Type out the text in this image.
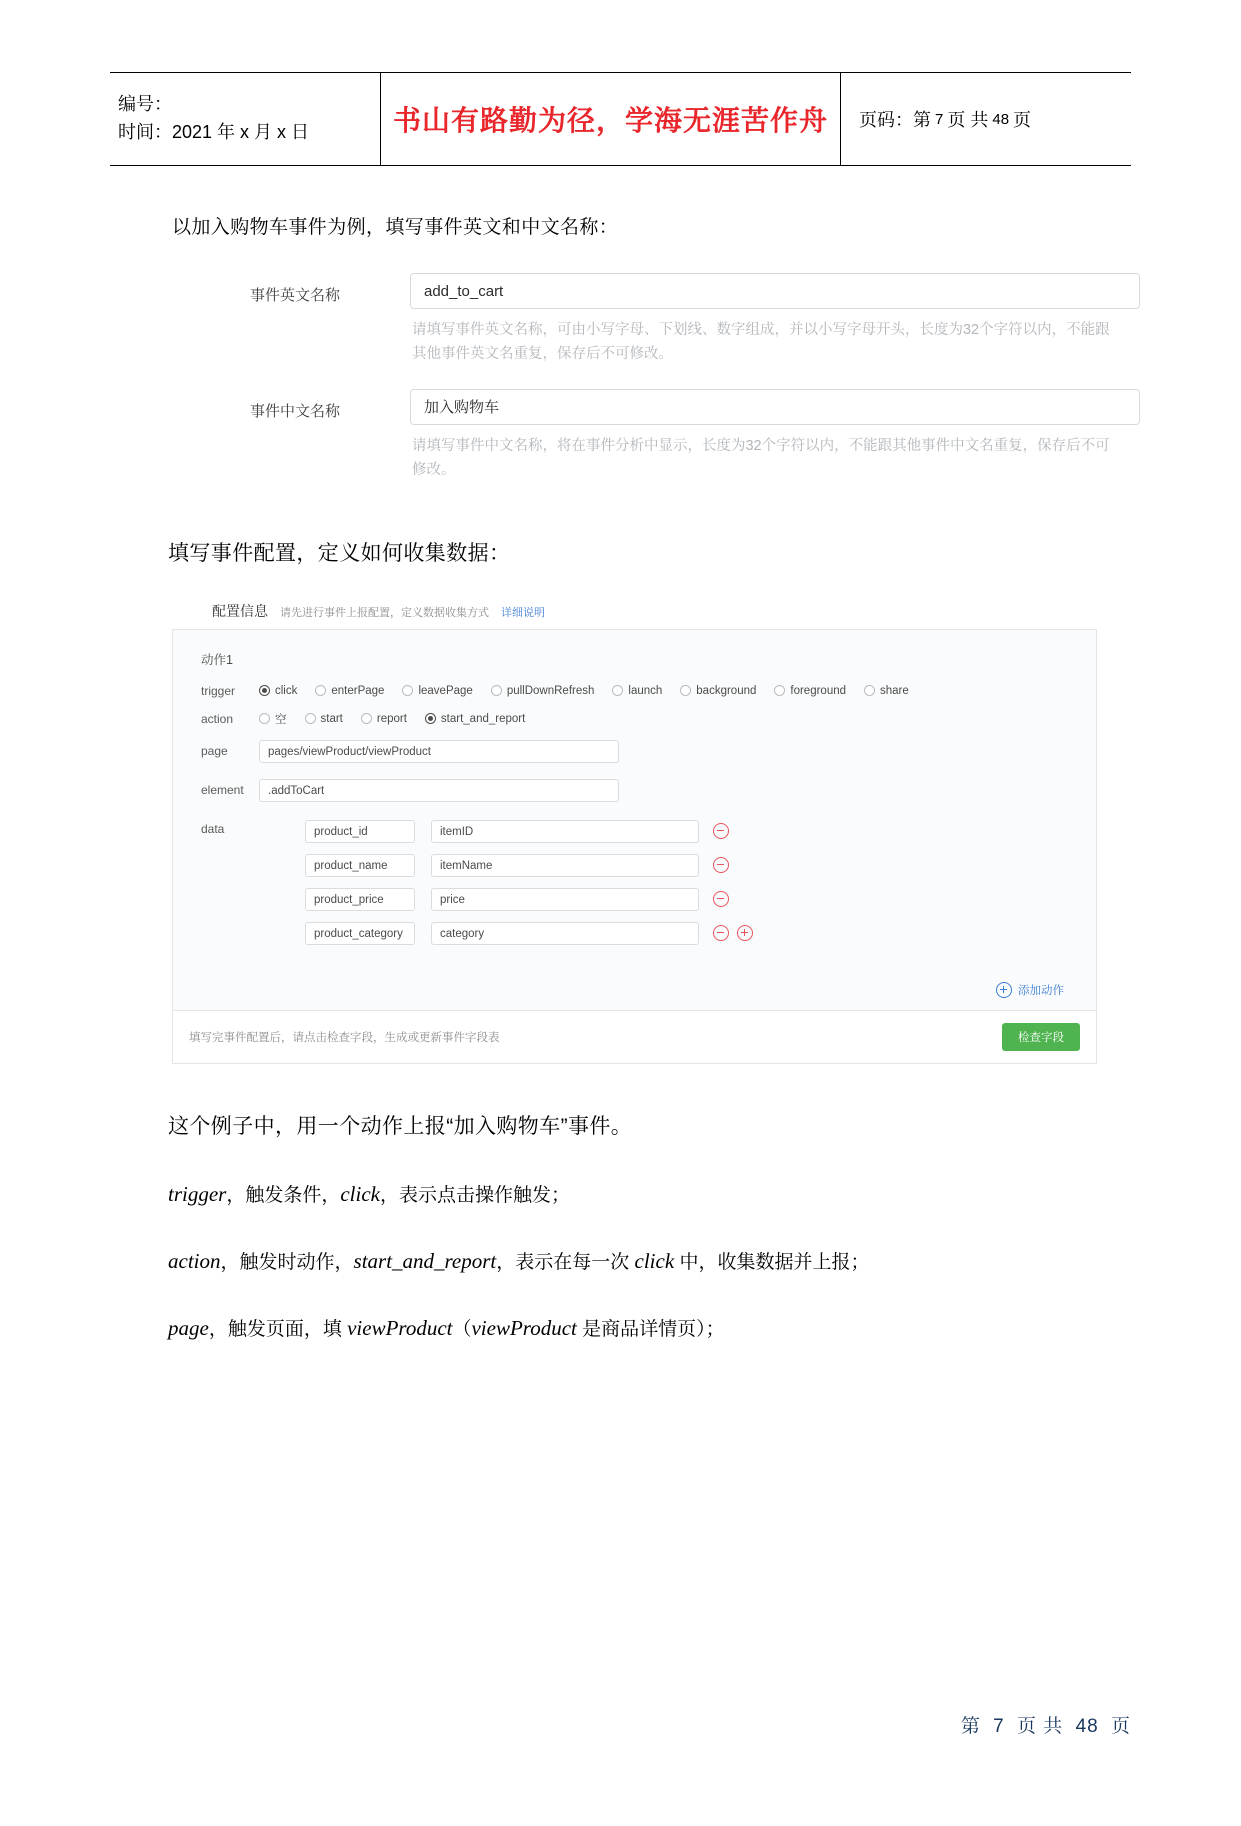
编号：
时间：2021 年 x 月 x 日	书山有路勤为径，学海无涯苦作舟	页码：第 7 页 共 48 页

以加入购物车事件为例，填写事件英文和中文名称：

事件英文名称	add_to_cart
请填写事件英文名称，可由小写字母、下划线、数字组成，并以小写字母开头，长度为32个字符以内，不能跟其他事件英文名重复，保存后不可修改。
事件中文名称	加入购物车
请填写事件中文名称，将在事件分析中显示，长度为32个字符以内，不能跟其他事件中文名重复，保存后不可修改。

填写事件配置，定义如何收集数据：

配置信息 请先进行事件上报配置，定义数据收集方式 详细说明
动作1
trigger	click	enterPage	leavePage	pullDownRefresh	launch	background	foreground	share
action	空	start	report	start_and_report
page	pages/viewProduct/viewProduct
element	.addToCart
data	product_id	itemID
product_name	itemName
product_price	price
product_category	category
添加动作
填写完事件配置后，请点击检查字段，生成或更新事件字段表	检查字段

这个例子中，用一个动作上报“加入购物车”事件。

trigger，触发条件，click，表示点击操作触发；

action，触发时动作，start_and_report，表示在每一次 click 中，收集数据并上报；

page，触发页面，填 viewProduct（viewProduct 是商品详情页）；

第 7 页 共 48 页
